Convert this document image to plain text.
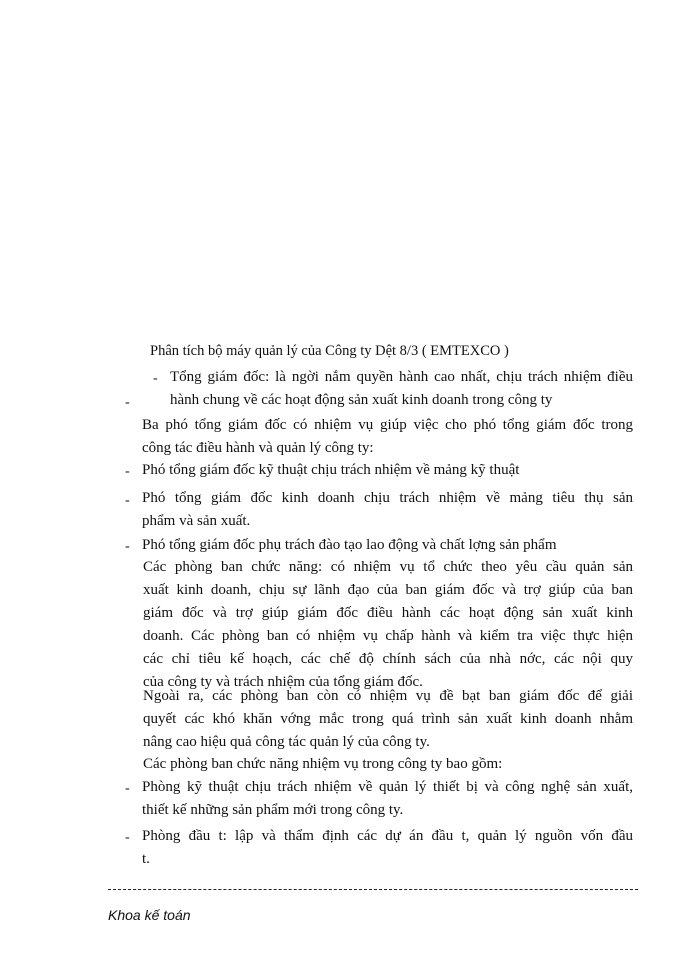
Phân tích bộ máy quản lý của Công ty Dệt 8/3 ( EMTEXCO )
- Tổng giám đốc: là ngời nắm quyền hành cao nhất, chịu trách nhiệm điều
hành chung về các hoạt động sản xuất kinh doanh trong công ty
-
Ba phó tổng giám đốc có nhiệm vụ giúp việc cho phó tổng giám đốc trong
công tác điều hành và quản lý công ty:
- Phó tổng giám đốc kỹ thuật chịu trách nhiệm về mảng kỹ thuật
- Phó tổng giám đốc kinh doanh chịu trách nhiệm về mảng tiêu thụ sản
phẩm và sản xuất.
- Phó tổng giám đốc phụ trách đào tạo lao động và chất lợng sản phẩm
Các phòng ban chức năng: có nhiệm vụ tổ chức theo yêu cầu quản sản
xuất kinh doanh, chịu sự lãnh đạo của ban giám đốc và trợ giúp của ban
giám đốc và trợ giúp giám đốc điều hành các hoạt động sản xuất kinh
doanh. Các phòng ban có nhiệm vụ chấp hành và kiểm tra việc thực hiện
các chỉ tiêu kế hoạch, các chế độ chính sách của nhà nớc, các nội quy
của công ty và trách nhiệm của tổng giám đốc.
Ngoài ra, các phòng ban còn có nhiệm vụ đề bạt ban giám đốc để giải
quyết các khó khăn vớng mắc trong quá trình sản xuất kinh doanh nhằm
nâng cao hiệu quả công tác quản lý của công ty.
Các phòng ban chức năng nhiệm vụ trong công ty bao gồm:
- Phòng kỹ thuật chịu trách nhiệm về quản lý thiết bị và công nghệ sản xuất,
thiết kế những sản phẩm mới trong công ty.
- Phòng đầu t: lập và thẩm định các dự án đầu t, quản lý nguồn vốn đầu
t.
Khoa kế toán
